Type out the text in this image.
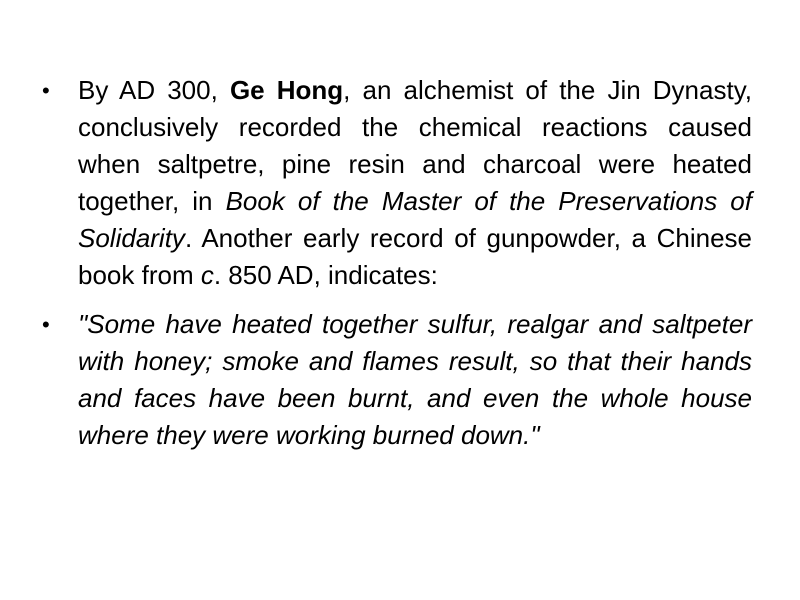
•	By AD 300, Ge Hong, an alchemist of the Jin Dynasty, conclusively recorded the chemical reactions caused when saltpetre, pine resin and charcoal were heated together, in Book of the Master of the Preservations of Solidarity. Another early record of gunpowder, a Chinese book from c. 850 AD, indicates:
•	"Some have heated together sulfur, realgar and saltpeter with honey; smoke and flames result, so that their hands and faces have been burnt, and even the whole house where they were working burned down."
